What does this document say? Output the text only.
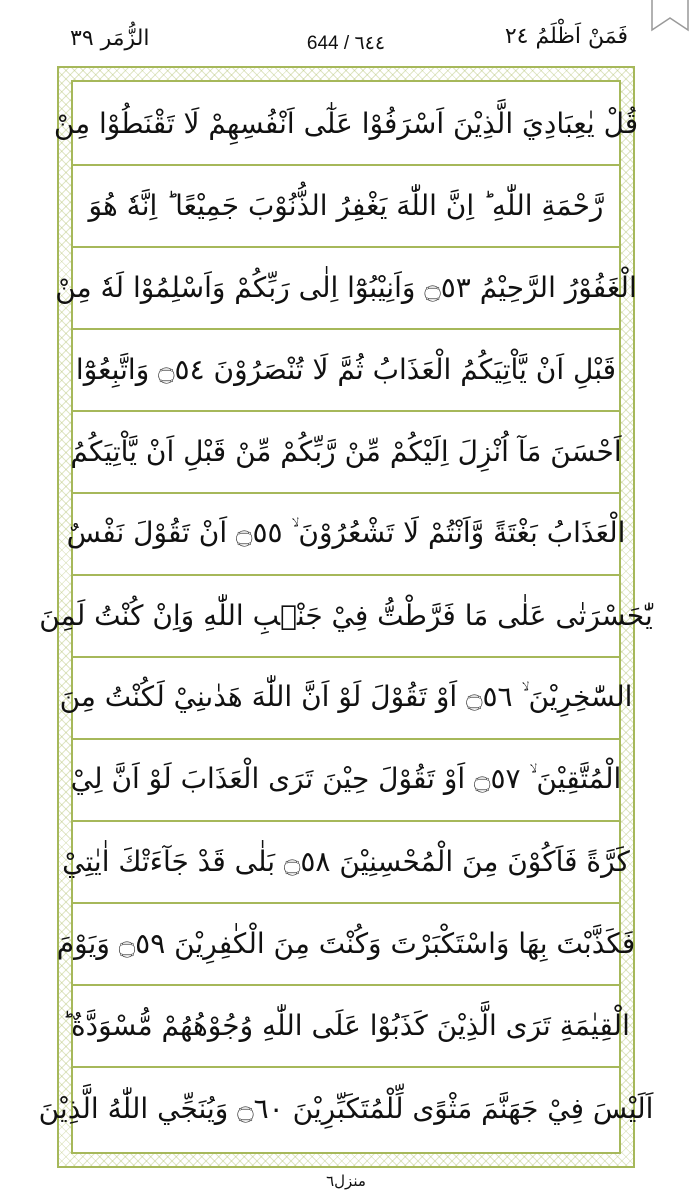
الزُّمَر ٣٩	644 / ٦٤٤	فَمَنْ اَظْلَمُ ٢٤
قُلْ يٰعِبَادِيَ الَّذِيْنَ اَسْرَفُوْا عَلٰٓى اَنْفُسِهِمْ لَا تَقْنَطُوْا مِنْ
رَّحْمَةِ اللّٰهِ ؕ اِنَّ اللّٰهَ يَغْفِرُ الذُّنُوْبَ جَمِيْعًا ؕ اِنَّهٗ هُوَ
الْغَفُوْرُ الرَّحِيْمُ ۝٥٣ وَاَنِيْبُوْٓا اِلٰى رَبِّكُمْ وَاَسْلِمُوْا لَهٗ مِنْ
قَبْلِ اَنْ يَّاْتِيَكُمُ الْعَذَابُ ثُمَّ لَا تُنْصَرُوْنَ ۝٥٤ وَاتَّبِعُوْٓا
اَحْسَنَ مَآ اُنْزِلَ اِلَيْكُمْ مِّنْ رَّبِّكُمْ مِّنْ قَبْلِ اَنْ يَّاْتِيَكُمُ
الْعَذَابُ بَغْتَةً وَّاَنْتُمْ لَا تَشْعُرُوْنَ ۙ ۝٥٥ اَنْ تَقُوْلَ نَفْسٌ
يّٰحَسْرَتٰى عَلٰى مَا فَرَّطْتُّ فِيْ جَنْۢبِ اللّٰهِ وَاِنْ كُنْتُ لَمِنَ
السّٰخِرِيْنَ ۙ ۝٥٦ اَوْ تَقُوْلَ لَوْ اَنَّ اللّٰهَ هَدٰىنِيْ لَكُنْتُ مِنَ
الْمُتَّقِيْنَ ۙ ۝٥٧ اَوْ تَقُوْلَ حِيْنَ تَرَى الْعَذَابَ لَوْ اَنَّ لِيْ
كَرَّةً فَاَكُوْنَ مِنَ الْمُحْسِنِيْنَ ۝٥٨ بَلٰى قَدْ جَآءَتْكَ اٰيٰتِيْ
فَكَذَّبْتَ بِهَا وَاسْتَكْبَرْتَ وَكُنْتَ مِنَ الْكٰفِرِيْنَ ۝٥٩ وَيَوْمَ
الْقِيٰمَةِ تَرَى الَّذِيْنَ كَذَبُوْا عَلَى اللّٰهِ وُجُوْهُهُمْ مُّسْوَدَّةٌ ؕ
اَلَيْسَ فِيْ جَهَنَّمَ مَثْوًى لِّلْمُتَكَبِّرِيْنَ ۝٦٠ وَيُنَجِّي اللّٰهُ الَّذِيْنَ
منزل٦
